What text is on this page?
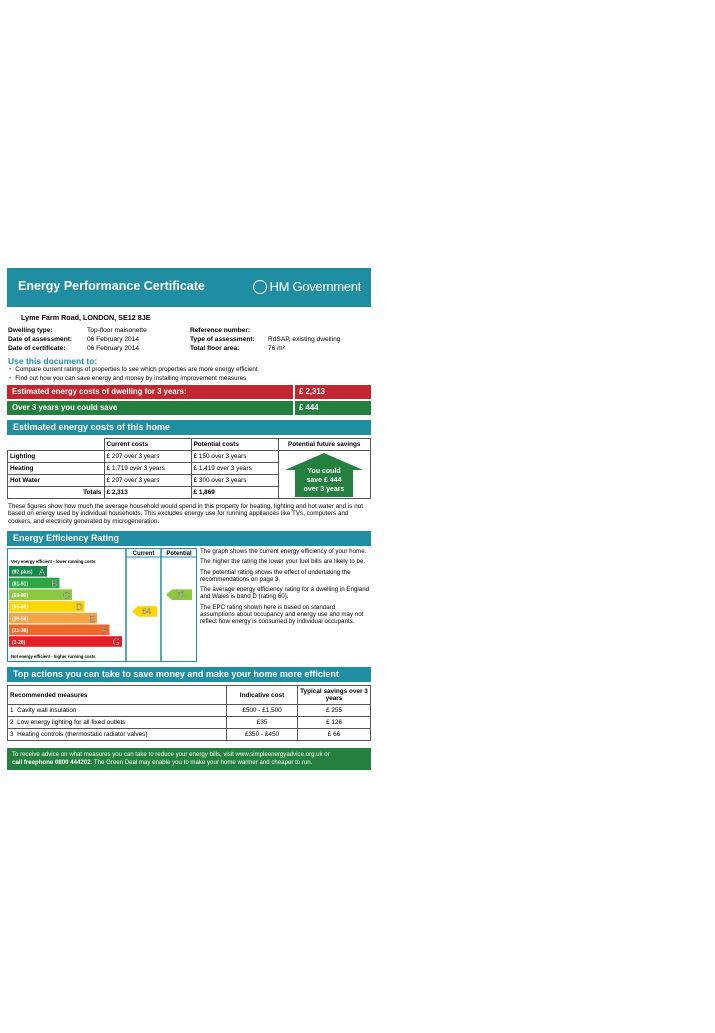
Energy Performance Certificate	HM Government
Lyme Farm Road, LONDON, SE12 8JE
Dwelling type:	Top-floor maisonette
Date of assessment: 06 February 2014
Date of certificate:	06 February 2014
Reference number:
Type of assessment: RdSAP, existing dwelling
Total floor area:	76 m²
Use this document to:
• Compare current ratings of properties to see which properties are more energy efficient
• Find out how you can save energy and money by installing improvement measures
Estimated energy costs of dwelling for 3 years:	£ 2,313
Over 3 years you could save	£ 444
Estimated energy costs of this home
	Current costs	Potential costs	Potential future savings
Lighting	£ 297 over 3 years	£ 150 over 3 years	You could
save £ 444
over 3 years

Heating	£ 1,719 over 3 years	£ 1,419 over 3 years	
Hot Water	£ 297 over 3 years	£ 300 over 3 years	
Totals	£ 2,313	£ 1,869	
These figures show how much the average household would spend in this property for heating, lighting and hot water and is not based on energy used by individual households. This excludes energy use for running appliances like TVs, computers and cookers, and electricity generated by microgeneration.
Energy Efficiency Rating
Current Potential
Very energy efficient - lower running costs
Not energy efficient - higher running costs
(92 plus) A
(81-91) B
(69-80)	C
(55-68)	D
(39-54)	E
(21-38)	F
(1-20)	G
64
71

The graph shows the current energy efficiency of your home.

The higher the rating the lower your fuel bills are likely to be.

The potential rating shows the effect of undertaking the recommendations on page 3.

The average energy efficiency rating for a dwelling in England and Wales is band D (rating 60).

The EPC rating shown here is based on standard assumptions about occupancy and energy use and may not reflect how energy is consumed by individual occupants.

Top actions you can take to save money and make your home more efficient
Recommended measures	Indicative cost	Typical savings over 3 years
1 Cavity wall insulation	£500 - £1,500	£ 255
2 Low energy lighting for all fixed outlets	£35	£ 126
3 Heating controls (thermostatic radiator valves)	£350 - £450	£ 66
To receive advice on what measures you can take to reduce your energy bills, visit www.simpleenergyadvice.org.uk or
call freephone 0800 444202. The Green Deal may enable you to make your home warmer and cheaper to run.
